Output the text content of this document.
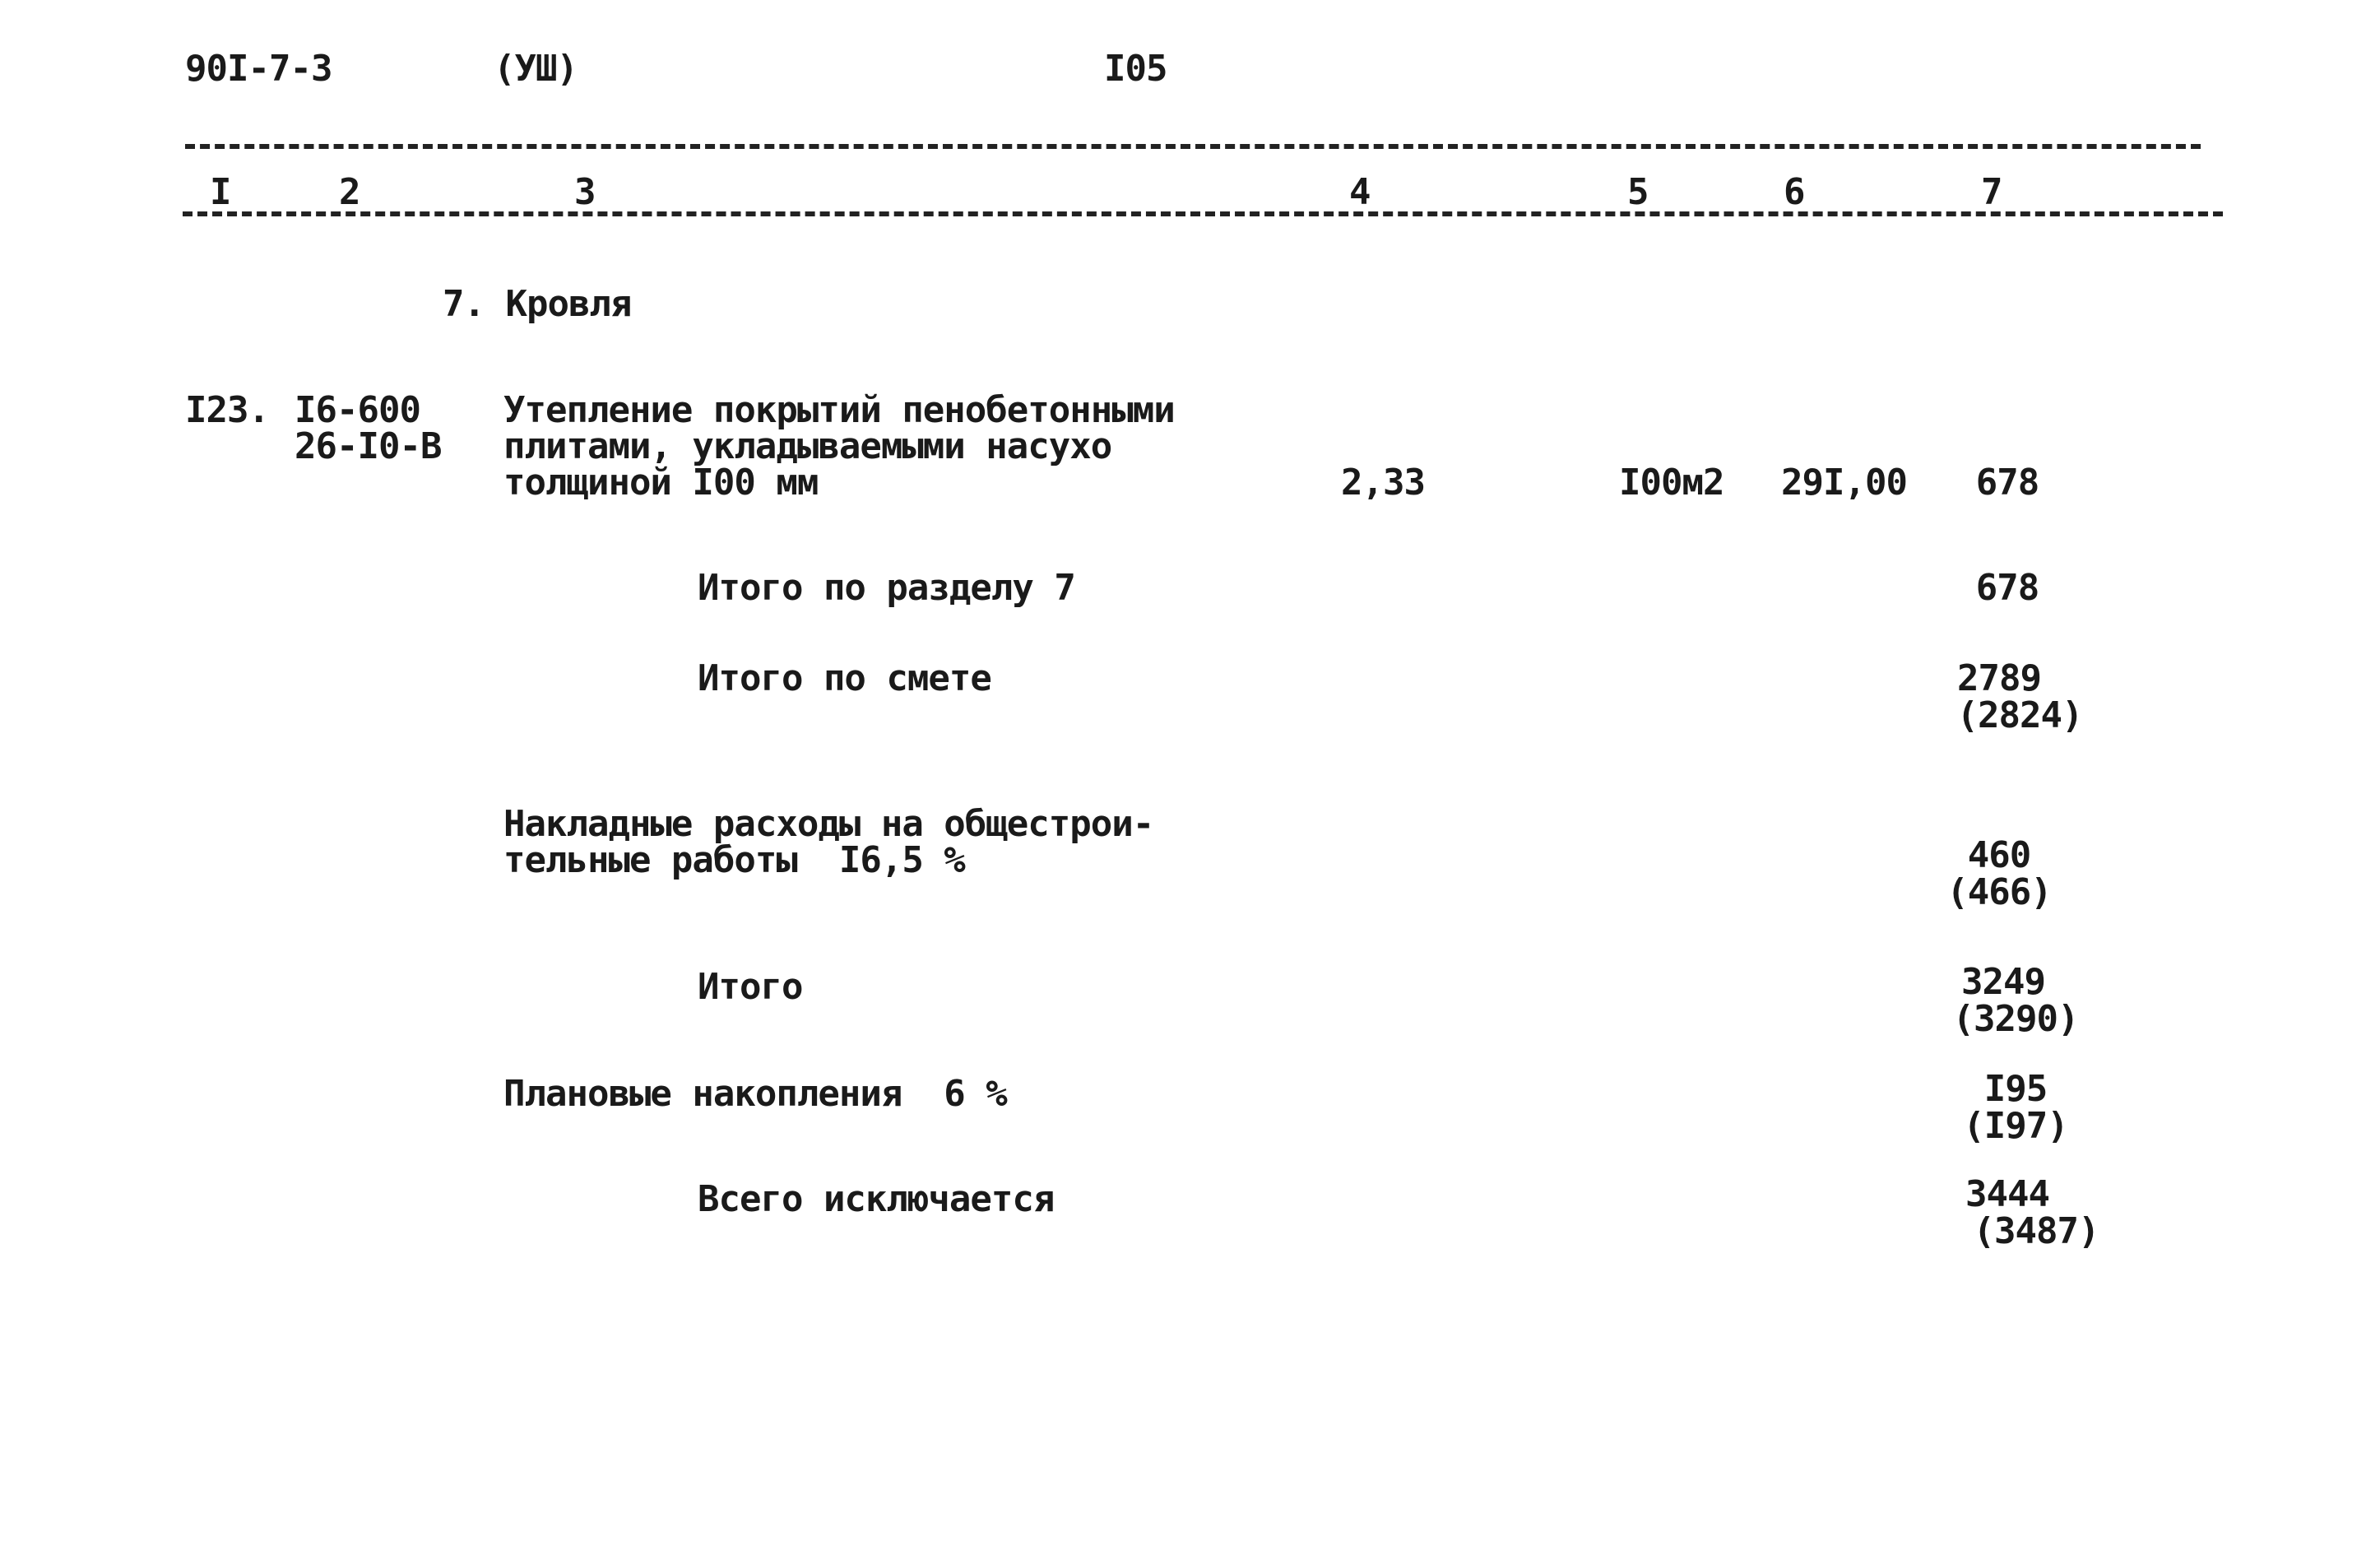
90I-7-3	(УШ)	I05
I	2	3	4	5	6	7
7. Кровля
I23. I6-600
26-I0-В
Утепление покрытий пенобетонными
плитами, укладываемыми насухо
толщиной I00 мм	2,33	I00м2 29I,00	678
Итого по разделу 7	678
Итого по смете	2789
(2824)
Накладные расходы на общестрои-
тельные работы  I6,5 %	460
(466)
Итого	3249
(3290)
Плановые накопления  6 %	I95
(I97)
Всего исключается	3444
(3487)
